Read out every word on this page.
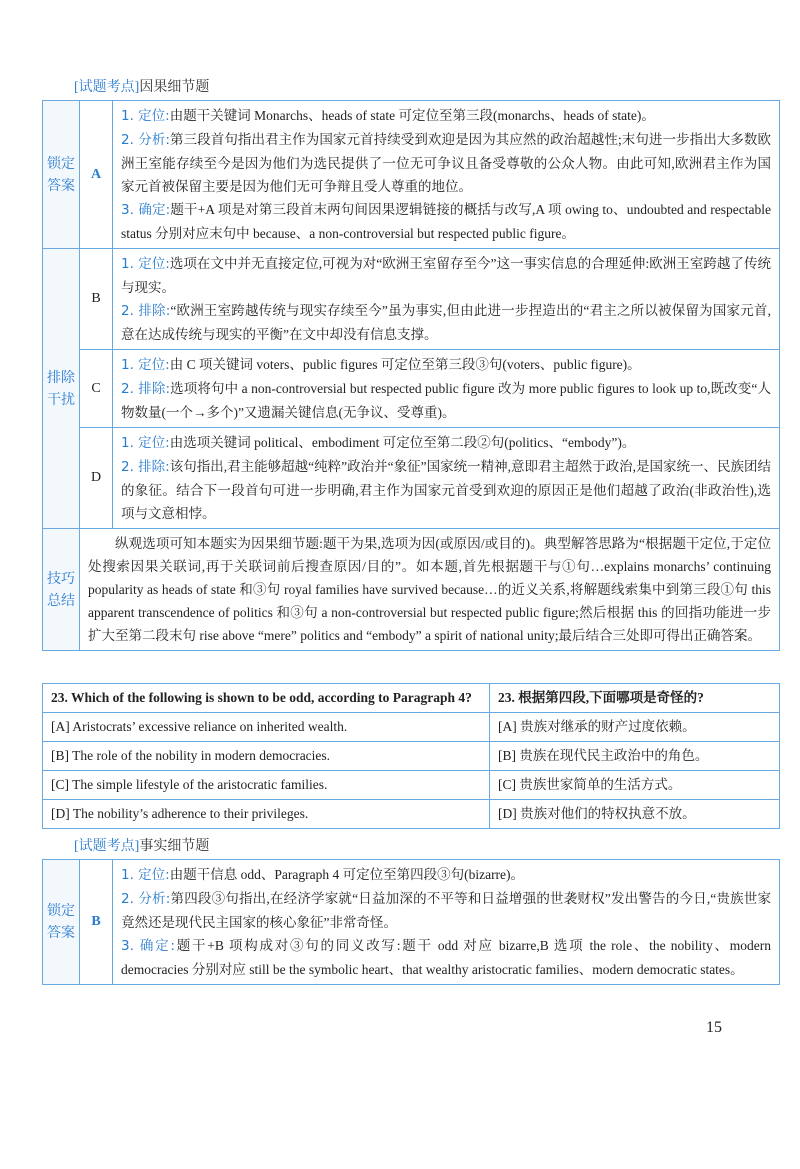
[试题考点]因果细节题
锁定答案	A	1. 定位:由题干关键词 Monarchs、heads of state 可定位至第三段(monarchs、heads of state)。
2. 分析:第三段首句指出君主作为国家元首持续受到欢迎是因为其应然的政治超越性;末句进一步指出大多数欧洲王室能存续至今是因为他们为选民提供了一位无可争议且备受尊敬的公众人物。由此可知,欧洲君主作为国家元首被保留主要是因为他们无可争辩且受人尊重的地位。
3. 确定:题干+A 项是对第三段首末两句间因果逻辑链接的概括与改写,A 项 owing to、undoubted and respectable status 分别对应末句中 because、a non-controversial but respected public figure。

排除干扰	B	1. 定位:选项在文中并无直接定位,可视为对“欧洲王室留存至今”这一事实信息的合理延伸:欧洲王室跨越了传统与现实。
2. 排除:“欧洲王室跨越传统与现实存续至今”虽为事实,但由此进一步捏造出的“君主之所以被保留为国家元首,意在达成传统与现实的平衡”在文中却没有信息支撑。

	C	1. 定位:由 C 项关键词 voters、public figures 可定位至第三段③句(voters、public figure)。
2. 排除:选项将句中 a non-controversial but respected public figure 改为 more public figures to look up to,既改变“人物数量(一个→多个)”又遗漏关键信息(无争议、受尊重)。

	D	1. 定位:由选项关键词 political、embodiment 可定位至第二段②句(politics、“embody”)。
2. 排除:该句指出,君主能够超越“纯粹”政治并“象征”国家统一精神,意即君主超然于政治,是国家统一、民族团结的象征。结合下一段首句可进一步明确,君主作为国家元首受到欢迎的原因正是他们超越了政治(非政治性),选项与文意相悖。

技巧总结	纵观选项可知本题实为因果细节题:题干为果,选项为因(或原因/或目的)。典型解答思路为“根据题干定位,于定位处搜索因果关联词,再于关联词前后搜查原因/目的”。如本题,首先根据题干与①句…explains monarchs’ continuing popularity as heads of state 和③句 royal families have survived because…的近义关系,将解题线索集中到第三段①句 this apparent transcendence of politics 和③句 a non-controversial but respected public figure;然后根据 this 的回指功能进一步扩大至第二段末句 rise above “mere” politics and “embody” a spirit of national unity;最后结合三处即可得出正确答案。	
23. Which of the following is shown to be odd, according to Paragraph 4?	23. 根据第四段,下面哪项是奇怪的?
[A] Aristocrats’ excessive reliance on inherited wealth.	[A] 贵族对继承的财产过度依赖。
[B] The role of the nobility in modern democracies.	[B] 贵族在现代民主政治中的角色。
[C] The simple lifestyle of the aristocratic families.	[C] 贵族世家简单的生活方式。
[D] The nobility’s adherence to their privileges.	[D] 贵族对他们的特权执意不放。
[试题考点]事实细节题
锁定答案	B	
1. 定位:由题干信息 odd、Paragraph 4 可定位至第四段③句(bizarre)。
2. 分析:第四段③句指出,在经济学家就“日益加深的不平等和日益增强的世袭财权”发出警告的今日,“贵族世家竟然还是现代民主国家的核心象征”非常奇怪。
3. 确定:题干+B 项构成对③句的同义改写:题干 odd 对应 bizarre,B 选项 the role、the nobility、modern democracies 分别对应 still be the symbolic heart、that wealthy aristocratic families、modern democratic states。
15
